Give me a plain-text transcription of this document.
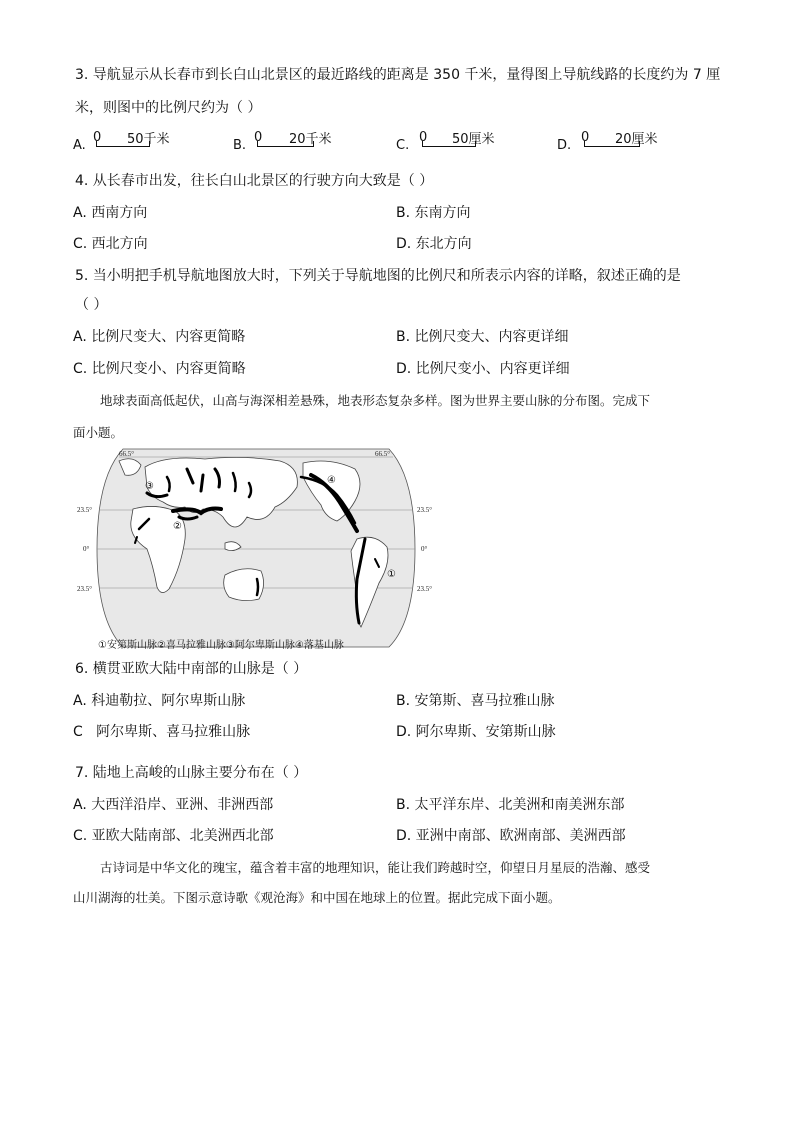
3. 导航显示从长春市到长白山北景区的最近路线的距离是 350 千米，量得图上导航线路的长度约为 7 厘
米，则图中的比例尺约为（ ）
A.
0 50千米	B.
0 20千米	C.
0 50厘米	D.
0 20厘米
4. 从长春市出发，往长白山北景区的行驶方向大致是（ ）
A. 西南方向	B. 东南方向
C. 西北方向	D. 东北方向
5. 当小明把手机导航地图放大时，下列关于导航地图的比例尺和所表示内容的详略，叙述正确的是
（ ）
A. 比例尺变大、内容更简略	B. 比例尺变大、内容更详细
C. 比例尺变小、内容更简略	D. 比例尺变小、内容更详细
地球表面高低起伏，山高与海深相差悬殊，地表形态复杂多样。图为世界主要山脉的分布图。完成下
面小题。
66.5°	66.5°
23.5°	23.5°
0°	0°
23.5°	23.5°
①
②
③
④
①安第斯山脉②喜马拉雅山脉③阿尔卑斯山脉④落基山脉
6. 横贯亚欧大陆中南部的山脉是（ ）
A. 科迪勒拉、阿尔卑斯山脉	B. 安第斯、喜马拉雅山脉
C 阿尔卑斯、喜马拉雅山脉	D. 阿尔卑斯、安第斯山脉
7. 陆地上高峻的山脉主要分布在（ ）
A. 大西洋沿岸、亚洲、非洲西部	B. 太平洋东岸、北美洲和南美洲东部
C. 亚欧大陆南部、北美洲西北部	D. 亚洲中南部、欧洲南部、美洲西部
古诗词是中华文化的瑰宝，蕴含着丰富的地理知识，能让我们跨越时空，仰望日月星辰的浩瀚、感受
山川湖海的壮美。下图示意诗歌《观沧海》和中国在地球上的位置。据此完成下面小题。
